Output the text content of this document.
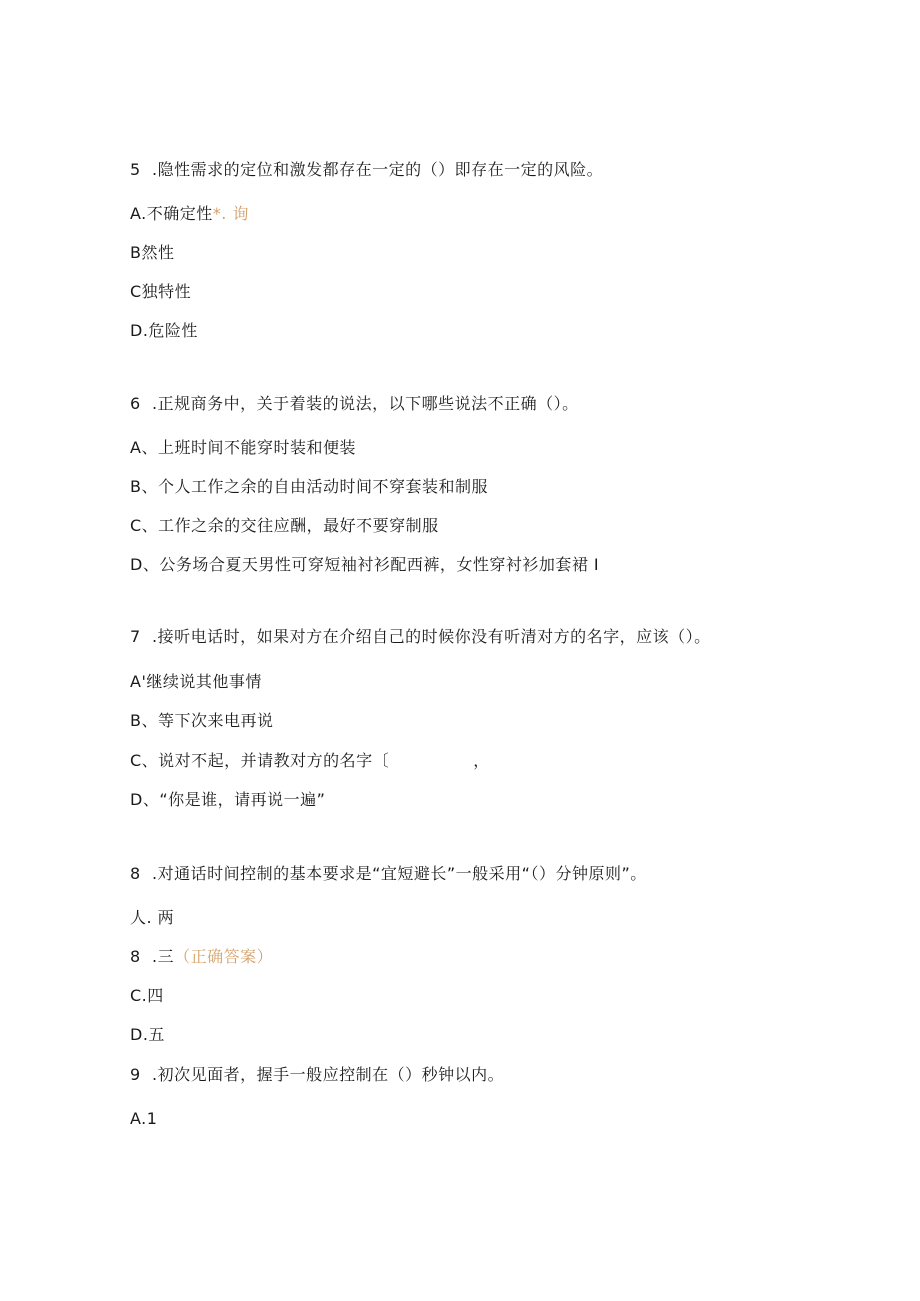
5 .隐性需求的定位和激发都存在一定的（）即存在一定的风险。
A.不确定性*. 询
B然性
C独特性
D.危险性
6 .正规商务中，关于着装的说法，以下哪些说法不正确（）。
A、上班时间不能穿时装和便装
B、个人工作之余的自由活动时间不穿套装和制服
C、工作之余的交往应酬，最好不要穿制服
D、公务场合夏天男性可穿短袖衬衫配西裤，女性穿衬衫加套裙 I
7 .接听电话时，如果对方在介绍自己的时候你没有听清对方的名字，应该（）。
A'继续说其他事情
B、等下次来电再说
C、说对不起，并请教对方的名字〔	，
D、“你是谁，请再说一遍”
8 .对通话时间控制的基本要求是“宜短避长”一般采用“（）分钟原则”。
人. 两
8 .三（正确答案）
C.四
D.五
9 .初次见面者，握手一般应控制在（）秒钟以内。
A.1
